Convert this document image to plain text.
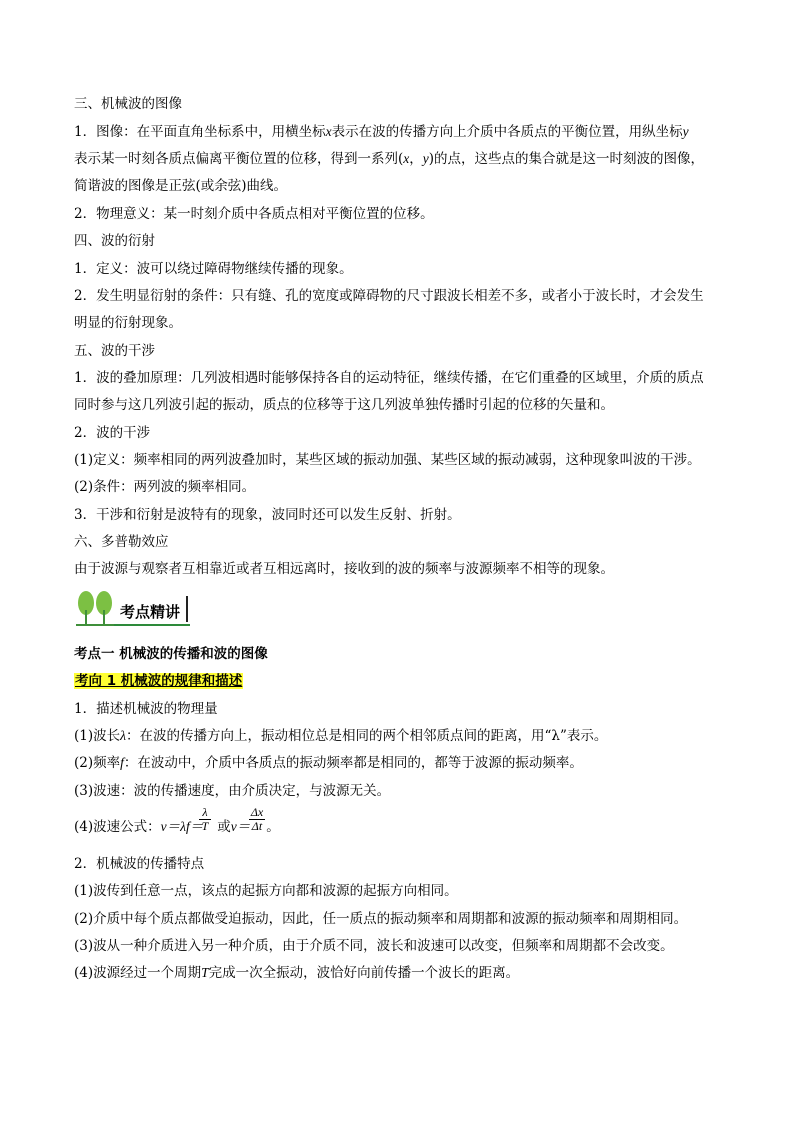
三、机械波的图像
1．图像：在平面直角坐标系中，用横坐标x表示在波的传播方向上介质中各质点的平衡位置，用纵坐标y
表示某一时刻各质点偏离平衡位置的位移，得到一系列(x，y)的点，这些点的集合就是这一时刻波的图像，
简谐波的图像是正弦(或余弦)曲线。
2．物理意义：某一时刻介质中各质点相对平衡位置的位移。
四、波的衍射
1．定义：波可以绕过障碍物继续传播的现象。
2．发生明显衍射的条件：只有缝、孔的宽度或障碍物的尺寸跟波长相差不多，或者小于波长时，才会发生
明显的衍射现象。
五、波的干涉
1．波的叠加原理：几列波相遇时能够保持各自的运动特征，继续传播，在它们重叠的区域里，介质的质点
同时参与这几列波引起的振动，质点的位移等于这几列波单独传播时引起的位移的矢量和。
2．波的干涉
(1)定义：频率相同的两列波叠加时，某些区域的振动加强、某些区域的振动减弱，这种现象叫波的干涉。
(2)条件：两列波的频率相同。
3．干涉和衍射是波特有的现象，波同时还可以发生反射、折射。
六、多普勒效应
由于波源与观察者互相靠近或者互相远离时，接收到的波的频率与波源频率不相等的现象。
考点精讲
考点一 机械波的传播和波的图像
考向 1 机械波的规律和描述
1．描述机械波的物理量
(1)波长λ：在波的传播方向上，振动相位总是相同的两个相邻质点间的距离，用“λ”表示。
(2)频率f：在波动中，介质中各质点的振动频率都是相同的，都等于波源的振动频率。
(3)波速：波的传播速度，由介质决定，与波源无关。
(4)波速公式：v＝λf＝ 或v＝ 。
$\frac{\lambda}{T}$	$\frac{\Delta x}{\Delta t}$
2．机械波的传播特点
(1)波传到任意一点，该点的起振方向都和波源的起振方向相同。
(2)介质中每个质点都做受迫振动，因此，任一质点的振动频率和周期都和波源的振动频率和周期相同。
(3)波从一种介质进入另一种介质，由于介质不同，波长和波速可以改变，但频率和周期都不会改变。
(4)波源经过一个周期T完成一次全振动，波恰好向前传播一个波长的距离。
